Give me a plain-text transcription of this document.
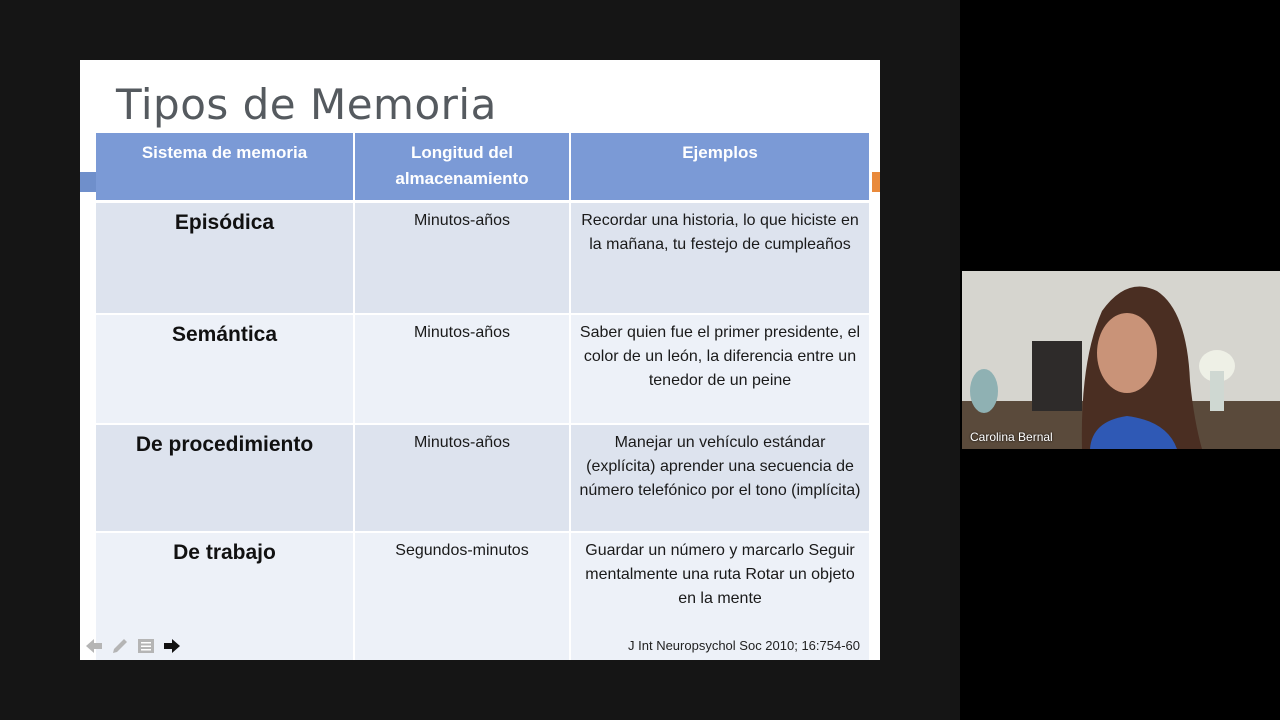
Tipos de Memoria
Sistema de memoria	Longitud del almacenamiento	Ejemplos
Episódica	Minutos-años	Recordar una historia, lo que hiciste en la mañana, tu festejo de cumpleaños
Semántica	Minutos-años	Saber quien fue el primer presidente, el color de un león, la diferencia entre un tenedor de un peine
De procedimiento	Minutos-años	Manejar un vehículo estándar (explícita) aprender una secuencia de número telefónico por el tono (implícita)
De trabajo	Segundos-minutos	Guardar un número y marcarlo Seguir mentalmente una ruta Rotar un objeto en la mente
J Int Neuropsychol Soc 2010; 16:754-60
Carolina Bernal
